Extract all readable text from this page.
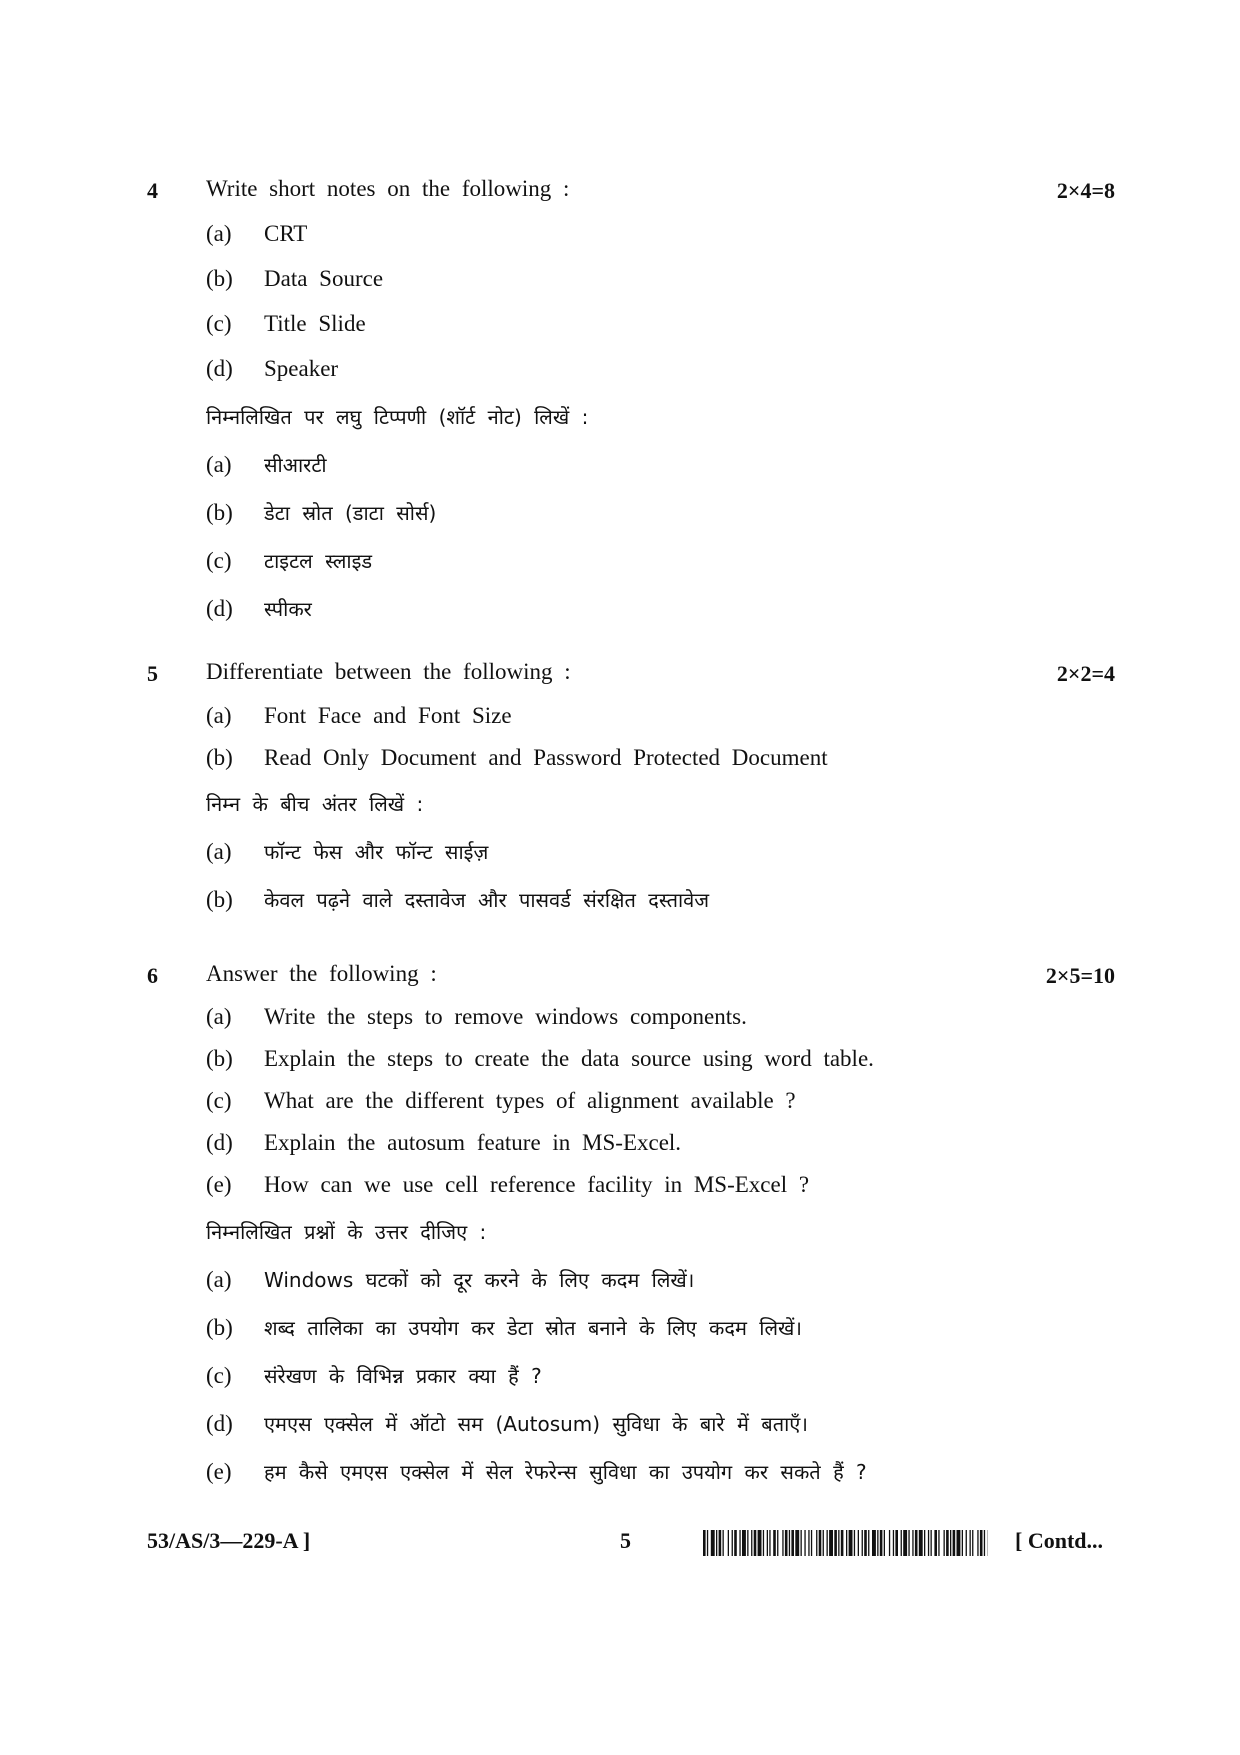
4 Write short notes on the following :	2×4=8
(a) CRT
(b) Data Source
(c) Title Slide
(d) Speaker
निम्नलिखित पर लघु टिप्पणी (शॉर्ट नोट) लिखें :
(a) सीआरटी
(b) डेटा स्रोत (डाटा सोर्स)
(c) टाइटल स्लाइड
(d) स्पीकर
5 Differentiate between the following :	2×2=4
(a) Font Face and Font Size
(b) Read Only Document and Password Protected Document
निम्न के बीच अंतर लिखें :
(a) फॉन्ट फेस और फॉन्ट साईज़
(b) केवल पढ़ने वाले दस्तावेज और पासवर्ड संरक्षित दस्तावेज
6 Answer the following :	2×5=10
(a) Write the steps to remove windows components.
(b) Explain the steps to create the data source using word table.
(c) What are the different types of alignment available ?
(d) Explain the autosum feature in MS-Excel.
(e) How can we use cell reference facility in MS-Excel ?
निम्नलिखित प्रश्नों के उत्तर दीजिए :
(a) Windows घटकों को दूर करने के लिए कदम लिखें।
(b) शब्द तालिका का उपयोग कर डेटा स्रोत बनाने के लिए कदम लिखें।
(c) संरेखण के विभिन्न प्रकार क्या हैं ?
(d) एमएस एक्सेल में ऑटो सम (Autosum) सुविधा के बारे में बताएँ।
(e) हम कैसे एमएस एक्सेल में सेल रेफरेन्स सुविधा का उपयोग कर सकते हैं ?
53/AS/3—229-A ]	5	[ Contd...
